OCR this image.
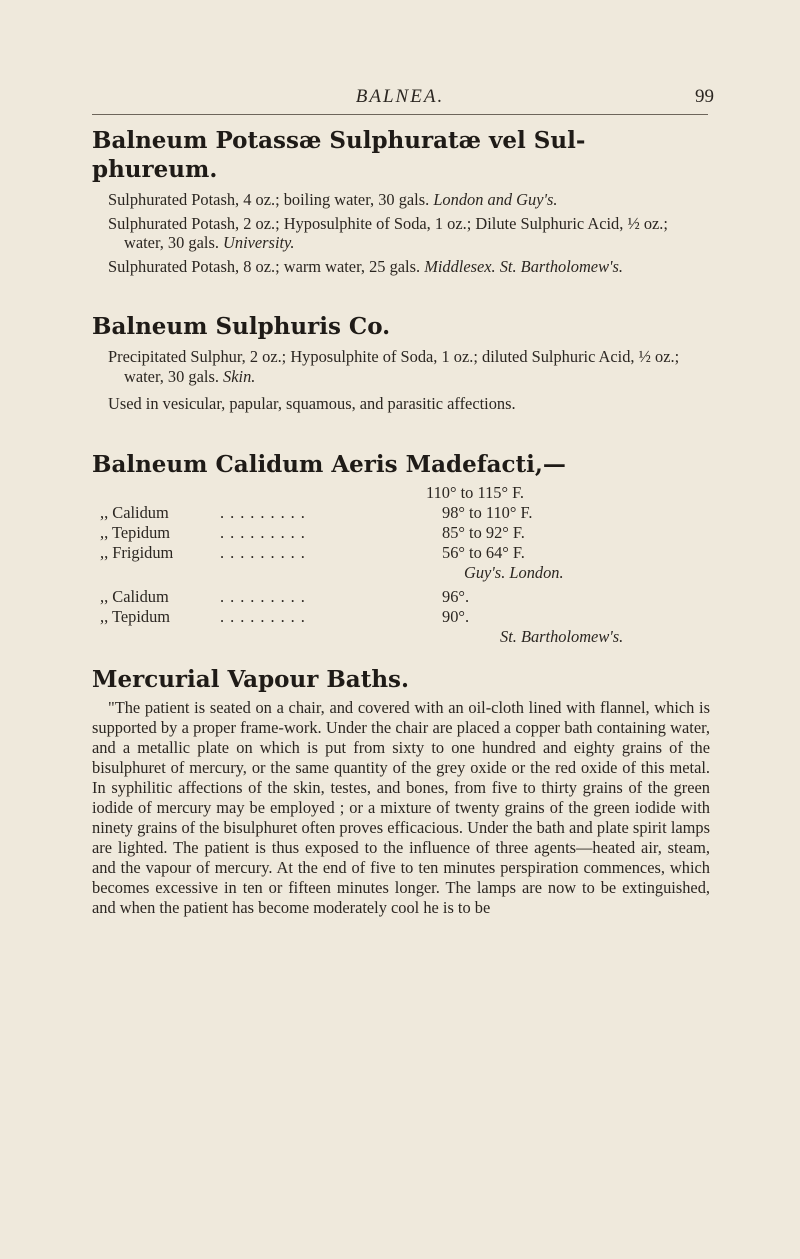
BALNEA.	99
Balneum Potassæ Sulphuratæ vel Sul-phureum.

Sulphurated Potash, 4 oz.; boiling water, 30 gals. London and Guy's.

Sulphurated Potash, 2 oz.; Hyposulphite of Soda, 1 oz.; Dilute Sulphuric Acid, ½ oz.; water, 30 gals. University.

Sulphurated Potash, 8 oz.; warm water, 25 gals. Middlesex. St. Bartholomew's.

Balneum Sulphuris Co.

Precipitated Sulphur, 2 oz.; Hyposulphite of Soda, 1 oz.; diluted Sulphuric Acid, ½ oz.; water, 30 gals. Skin.

Used in vesicular, papular, squamous, and parasitic affections.

Balneum Calidum Aeris Madefacti,—
110° to 115° F.
,, Calidum	.........	98° to 110° F.
,, Tepidum	.........	85° to 92° F.
,, Frigidum	.........	56° to 64° F.
Guy's. London.
,, Calidum	.........	96°.
,, Tepidum	.........	90°.
St. Bartholomew's.
Mercurial Vapour Baths.

"The patient is seated on a chair, and covered with an oil-cloth lined with flannel, which is supported by a proper frame-work. Under the chair are placed a copper bath containing water, and a metallic plate on which is put from sixty to one hundred and eighty grains of the bisulphuret of mercury, or the same quantity of the grey oxide or the red oxide of this metal. In syphilitic affections of the skin, testes, and bones, from five to thirty grains of the green iodide of mercury may be employed ; or a mixture of twenty grains of the green iodide with ninety grains of the bisulphuret often proves efficacious. Under the bath and plate spirit lamps are lighted. The patient is thus exposed to the influence of three agents—heated air, steam, and the vapour of mercury. At the end of five to ten minutes perspiration commences, which becomes excessive in ten or fifteen minutes longer. The lamps are now to be extinguished, and when the patient has become moderately cool he is to be
